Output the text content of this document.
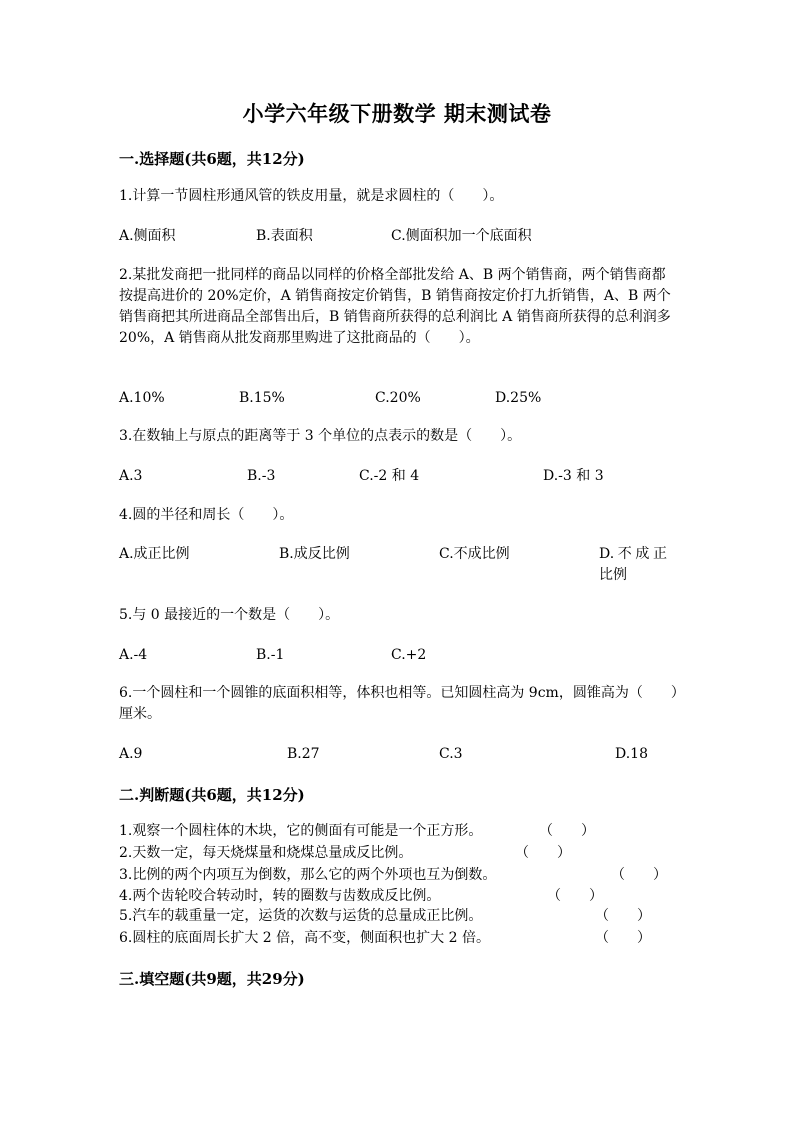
小学六年级下册数学 期末测试卷
一.选择题(共6题，共12分)
1.计算一节圆柱形通风管的铁皮用量，就是求圆柱的（　　）。
A.侧面积	B.表面积	C.侧面积加一个底面积
2.某批发商把一批同样的商品以同样的价格全部批发给 A、B 两个销售商，两个销售商都按提高进价的 20%定价，A 销售商按定价销售，B 销售商按定价打九折销售，A、B 两个销售商把其所进商品全部售出后，B 销售商所获得的总利润比 A 销售商所获得的总利润多 20%，A 销售商从批发商那里购进了这批商品的（　　）。
A.10%	B.15%	C.20%	D.25%
3.在数轴上与原点的距离等于 3 个单位的点表示的数是（　　）。
A.3	B.-3	C.-2 和 4	D.-3 和 3
4.圆的半径和周长（　　）。
A.成正比例	B.成反比例	C.不成比例	D.不成正比例
5.与 0 最接近的一个数是（　　）。
A.-4	B.-1	C.+2
6.一个圆柱和一个圆锥的底面积相等，体积也相等。已知圆柱高为 9cm，圆锥高为（　　）厘米。
A.9	B.27	C.3	D.18
二.判断题(共6题，共12分)
1.观察一个圆柱体的木块，它的侧面有可能是一个正方形。	（　　）
2.天数一定，每天烧煤量和烧煤总量成反比例。	（　　）
3.比例的两个内项互为倒数，那么它的两个外项也互为倒数。	（　　）
4.两个齿轮咬合转动时，转的圈数与齿数成反比例。	（　　）
5.汽车的载重量一定，运货的次数与运货的总量成正比例。	（　　）
6.圆柱的底面周长扩大 2 倍，高不变，侧面积也扩大 2 倍。	（　　）
三.填空题(共9题，共29分)
